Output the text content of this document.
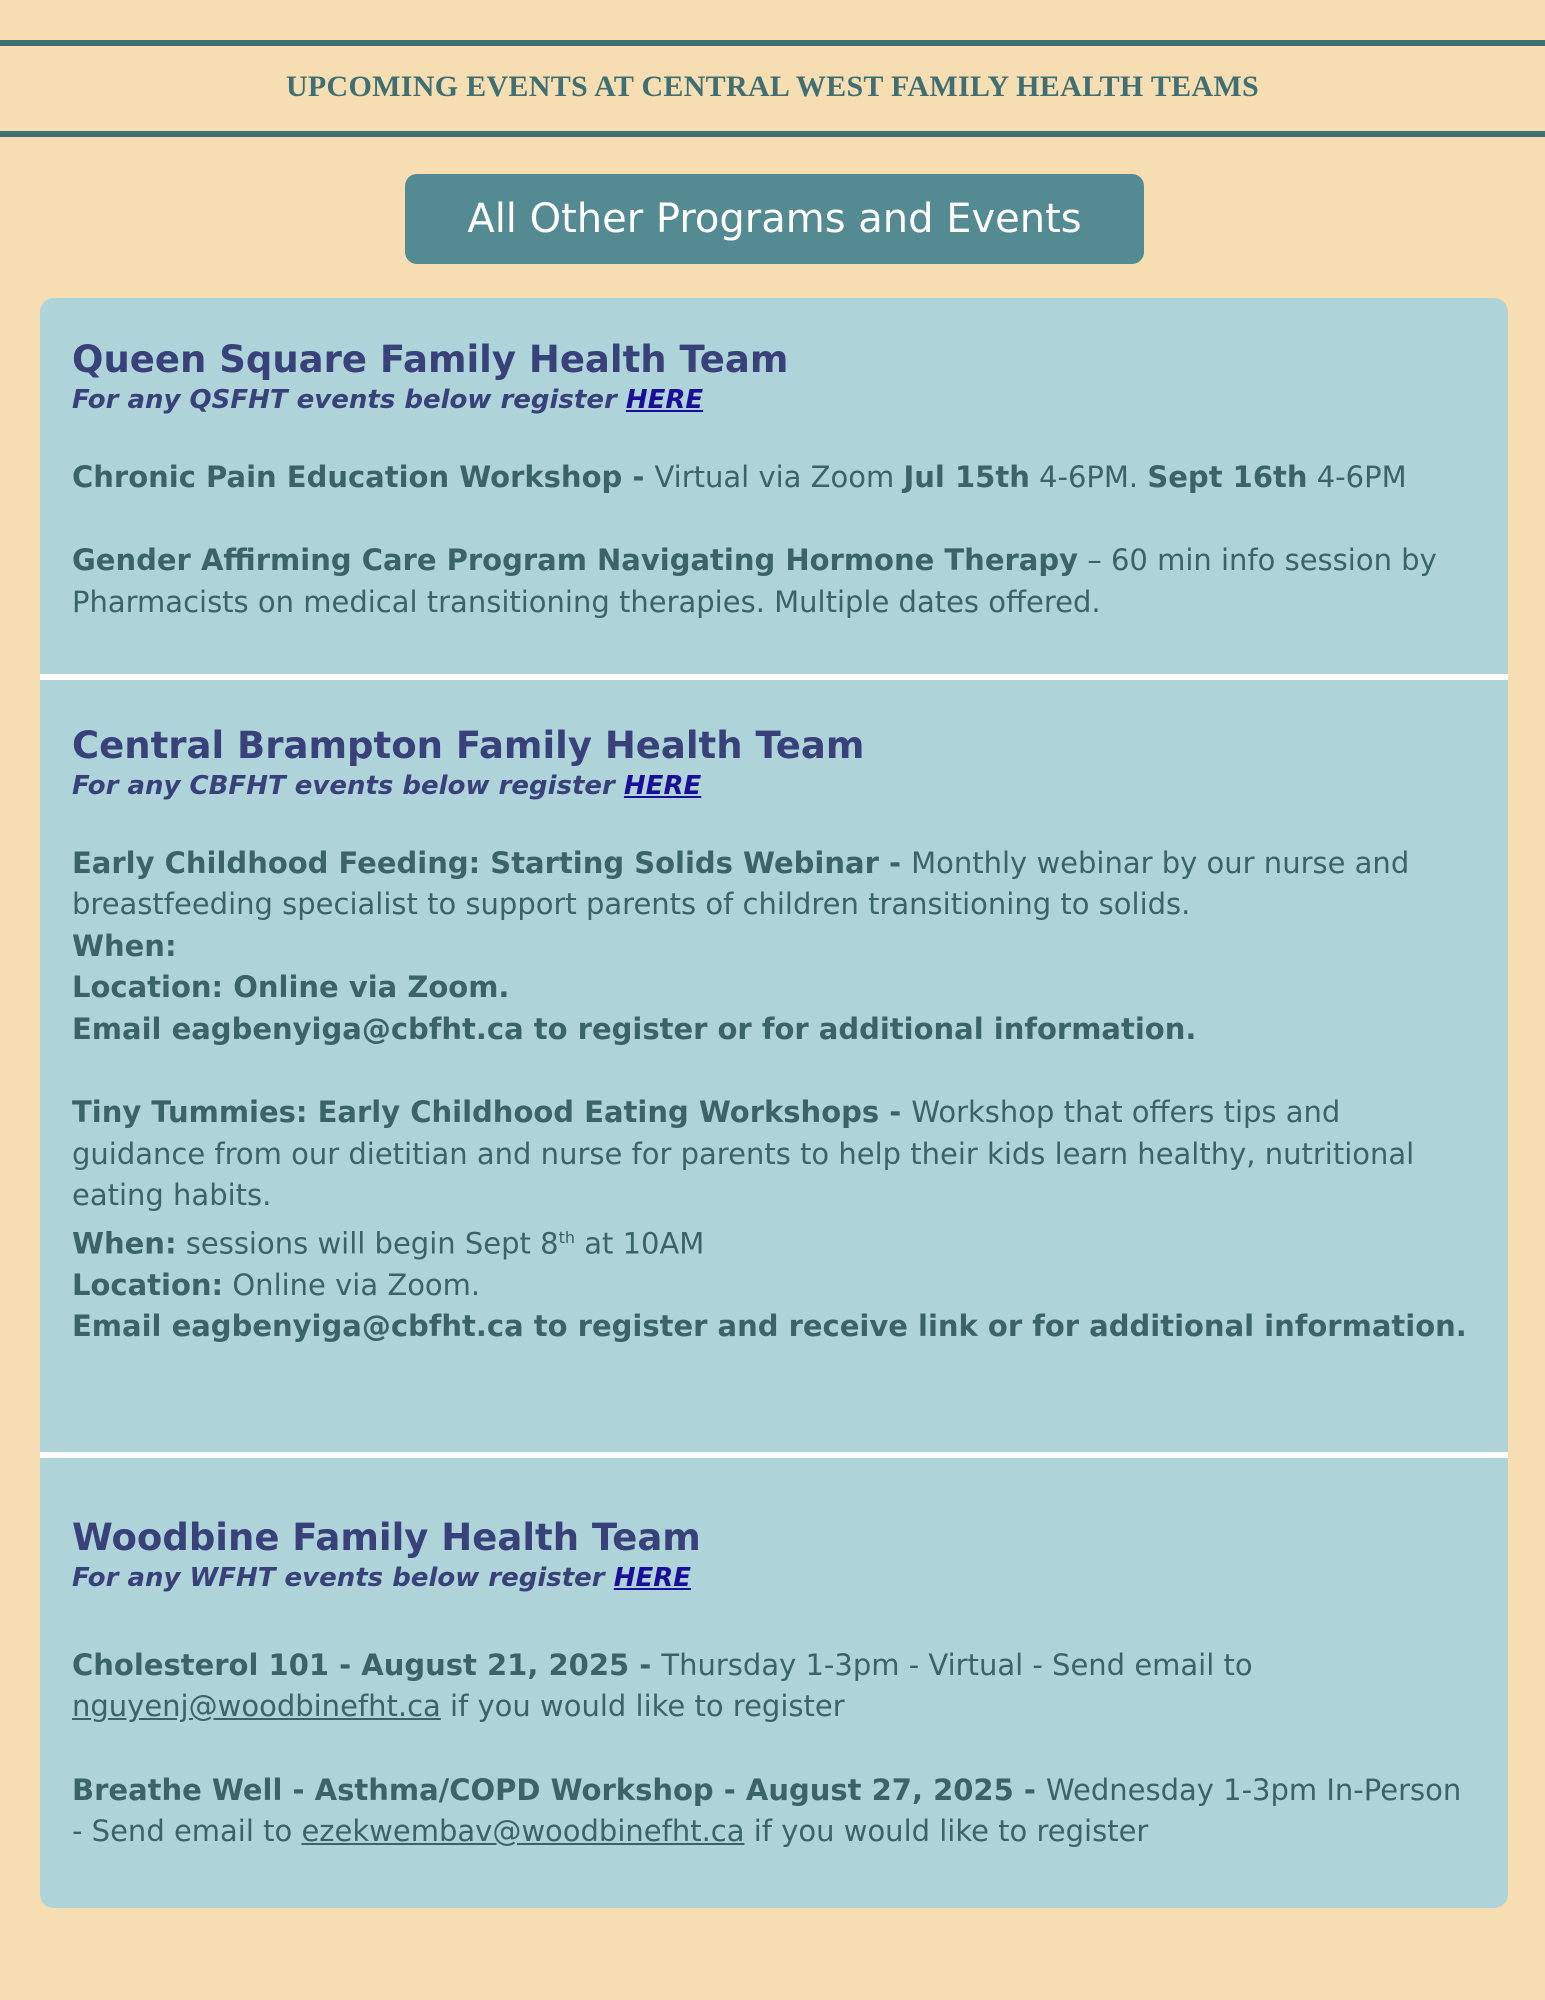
UPCOMING EVENTS AT CENTRAL WEST FAMILY HEALTH TEAMS
All Other Programs and Events
Queen Square Family Health Team
For any QSFHT events below register HERE
Chronic Pain Education Workshop - Virtual via Zoom Jul 15th 4-6PM. Sept 16th 4-6PM
Gender Affirming Care Program Navigating Hormone Therapy – 60 min info session by Pharmacists on medical transitioning therapies. Multiple dates offered.
Central Brampton Family Health Team
For any CBFHT events below register HERE
Early Childhood Feeding: Starting Solids Webinar - Monthly webinar by our nurse and breastfeeding specialist to support parents of children transitioning to solids.
When:
Location: Online via Zoom.
Email eagbenyiga@cbfht.ca to register or for additional information.
Tiny Tummies: Early Childhood Eating Workshops - Workshop that offers tips and guidance from our dietitian and nurse for parents to help their kids learn healthy, nutritional eating habits.
When: sessions will begin Sept 8th at 10AM
Location: Online via Zoom.
Email eagbenyiga@cbfht.ca to register and receive link or for additional information.
Woodbine Family Health Team
For any WFHT events below register HERE
Cholesterol 101 - August 21, 2025 - Thursday 1-3pm - Virtual - Send email to nguyenj@woodbinefht.ca if you would like to register
Breathe Well - Asthma/COPD Workshop - August 27, 2025 - Wednesday 1-3pm In-Person - Send email to ezekwembav@woodbinefht.ca if you would like to register
